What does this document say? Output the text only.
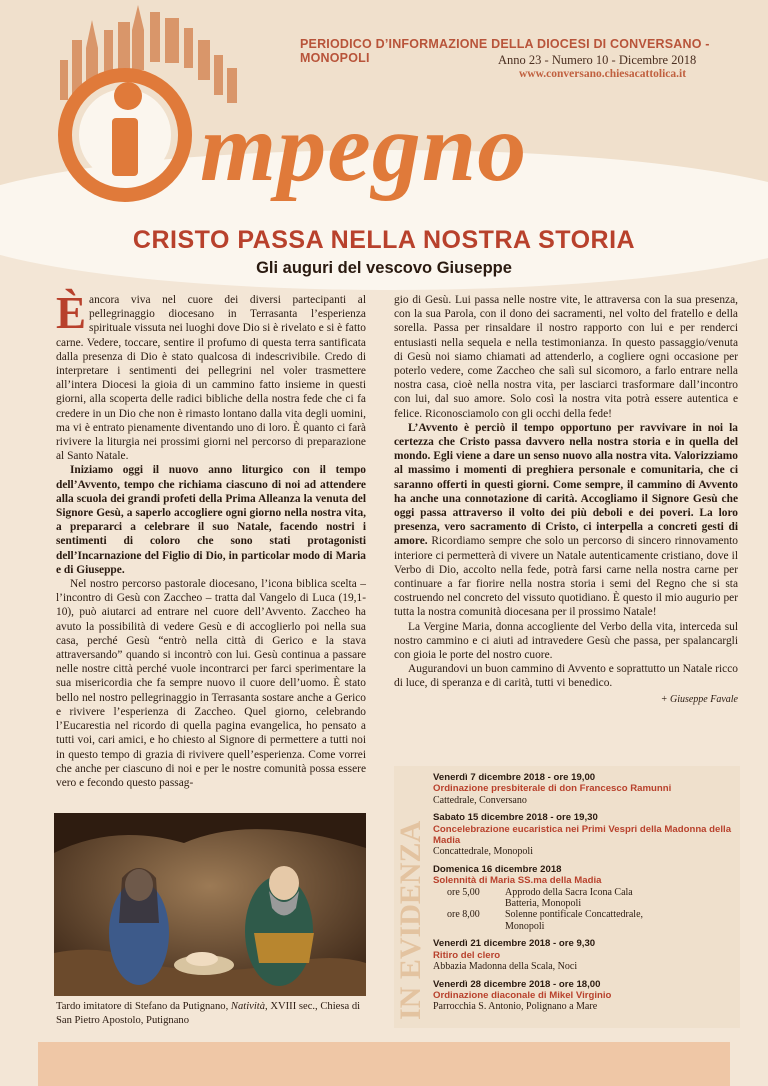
mpegno
PERIODICO D’INFORMAZIONE DELLA DIOCESI DI CONVERSANO - MONOPOLI	Anno 23 - Numero 10 - Dicembre 2018
www.conversano.chiesacattolica.it
CRISTO PASSA NELLA NOSTRA STORIA
Gli auguri del vescovo Giuseppe

Èancora viva nel cuore dei diversi partecipanti al pellegrinaggio diocesano in Terrasanta l’esperienza spirituale vissuta nei luoghi dove Dio si è rivelato e si è fatto carne. Vedere, toccare, sentire il profumo di questa terra santificata dalla presenza di Dio è stato qualcosa di indescrivibile. Credo di interpretare i sentimenti dei pellegrini nel voler trasmettere all’intera Diocesi la gioia di un cammino fatto insieme in questi giorni, alla scoperta delle radici bibliche della nostra fede che ci fa credere in un Dio che non è rimasto lontano dalla vita degli uomini, ma vi è entrato pienamente diventando uno di loro. È quanto ci farà rivivere la liturgia nei prossimi giorni nel percorso di preparazione al Santo Natale.

Iniziamo oggi il nuovo anno liturgico con il tempo dell’Avvento, tempo che richiama ciascuno di noi ad attendere alla scuola dei grandi profeti della Prima Alleanza la venuta del Signore Gesù, a saperlo accogliere ogni giorno nella nostra vita, a prepararci a celebrare il suo Natale, facendo nostri i sentimenti di coloro che sono stati protagonisti dell’Incarnazione del Figlio di Dio, in particolar modo di Maria e di Giuseppe.

Nel nostro percorso pastorale diocesano, l’icona biblica scelta – l’incontro di Gesù con Zaccheo – tratta dal Vangelo di Luca (19,1-10), può aiutarci ad entrare nel cuore dell’Avvento. Zaccheo ha avuto la possibilità di vedere Gesù e di accoglierlo poi nella sua casa, perché Gesù “entrò nella città di Gerico e la stava attraversando” quando si incontrò con lui. Gesù continua a passare nelle nostre città perché vuole incontrarci per farci sperimentare la sua misericordia che fa sempre nuovo il cuore dell’uomo. È stato bello nel nostro pellegrinaggio in Terrasanta sostare anche a Gerico e rivivere l’esperienza di Zaccheo. Quel giorno, celebrando l’Eucarestia nel ricordo di quella pagina evangelica, ho pensato a tutti voi, cari amici, e ho chiesto al Signore di permettere a tutti noi in questo tempo di grazia di rivivere quell’esperienza. Come vorrei che anche per ciascuno di noi e per le nostre comunità possa essere vero e fecondo questo passag-

gio di Gesù. Lui passa nelle nostre vite, le attraversa con la sua presenza, con la sua Parola, con il dono dei sacramenti, nel volto del fratello e della sorella. Passa per rinsaldare il nostro rapporto con lui e per renderci entusiasti nella sequela e nella testimonianza. In questo passaggio/venuta di Gesù noi siamo chiamati ad attenderlo, a cogliere ogni occasione per poterlo vedere, come Zaccheo che salì sul sicomoro, a farlo entrare nella nostra casa, cioè nella nostra vita, per lasciarci trasformare dall’incontro con lui, dal suo amore. Solo così la nostra vita potrà essere autentica e felice. Riconosciamolo con gli occhi della fede!

L’Avvento è perciò il tempo opportuno per ravvivare in noi la certezza che Cristo passa davvero nella nostra storia e in quella del mondo. Egli viene a dare un senso nuovo alla nostra vita. Valorizziamo al massimo i momenti di preghiera personale e comunitaria, che ci saranno offerti in questi giorni. Come sempre, il cammino di Avvento ha anche una connotazione di carità. Accogliamo il Signore Gesù che oggi passa attraverso il volto dei più deboli e dei poveri. La loro presenza, vero sacramento di Cristo, ci interpella a concreti gesti di amore. Ricordiamo sempre che solo un percorso di sincero rinnovamento interiore ci permetterà di vivere un Natale autenticamente cristiano, dove il Verbo di Dio, accolto nella fede, potrà farsi carne nella nostra carne per continuare a far fiorire nella nostra storia i semi del Regno che si sta costruendo nel concreto del vissuto quotidiano. È questo il mio augurio per tutta la nostra comunità diocesana per il prossimo Natale!

La Vergine Maria, donna accogliente del Verbo della vita, interceda sul nostro cammino e ci aiuti ad intravedere Gesù che passa, per spalancargli con gioia le porte del nostro cuore.

Augurandovi un buon cammino di Avvento e soprattutto un Natale ricco di luce, di speranza e di carità, tutti vi benedico.

+ Giuseppe Favale
Tardo imitatore di Stefano da Putignano, Natività, XVIII sec., Chiesa di San Pietro Apostolo, Putignano	IN EVIDENZA
Venerdì 7 dicembre 2018 - ore 19,00
Ordinazione presbiterale di don Francesco Ramunni
Cattedrale, Conversano
Sabato 15 dicembre 2018 - ore 19,30
Concelebrazione eucaristica nei Primi Vespri della Madonna della Madia
Concattedrale, Monopoli
Domenica 16 dicembre 2018
Solennità di Maria SS.ma della Madia
ore 5,00	Approdo della Sacra Icona Cala Batteria, Monopoli
ore 8,00	Solenne pontificale Concattedrale, Monopoli
Venerdì 21 dicembre 2018 - ore 9,30
Ritiro del clero
Abbazia Madonna della Scala, Noci
Venerdì 28 dicembre 2018 - ore 18,00
Ordinazione diaconale di Mikel Virginio
Parrocchia S. Antonio, Polignano a Mare
